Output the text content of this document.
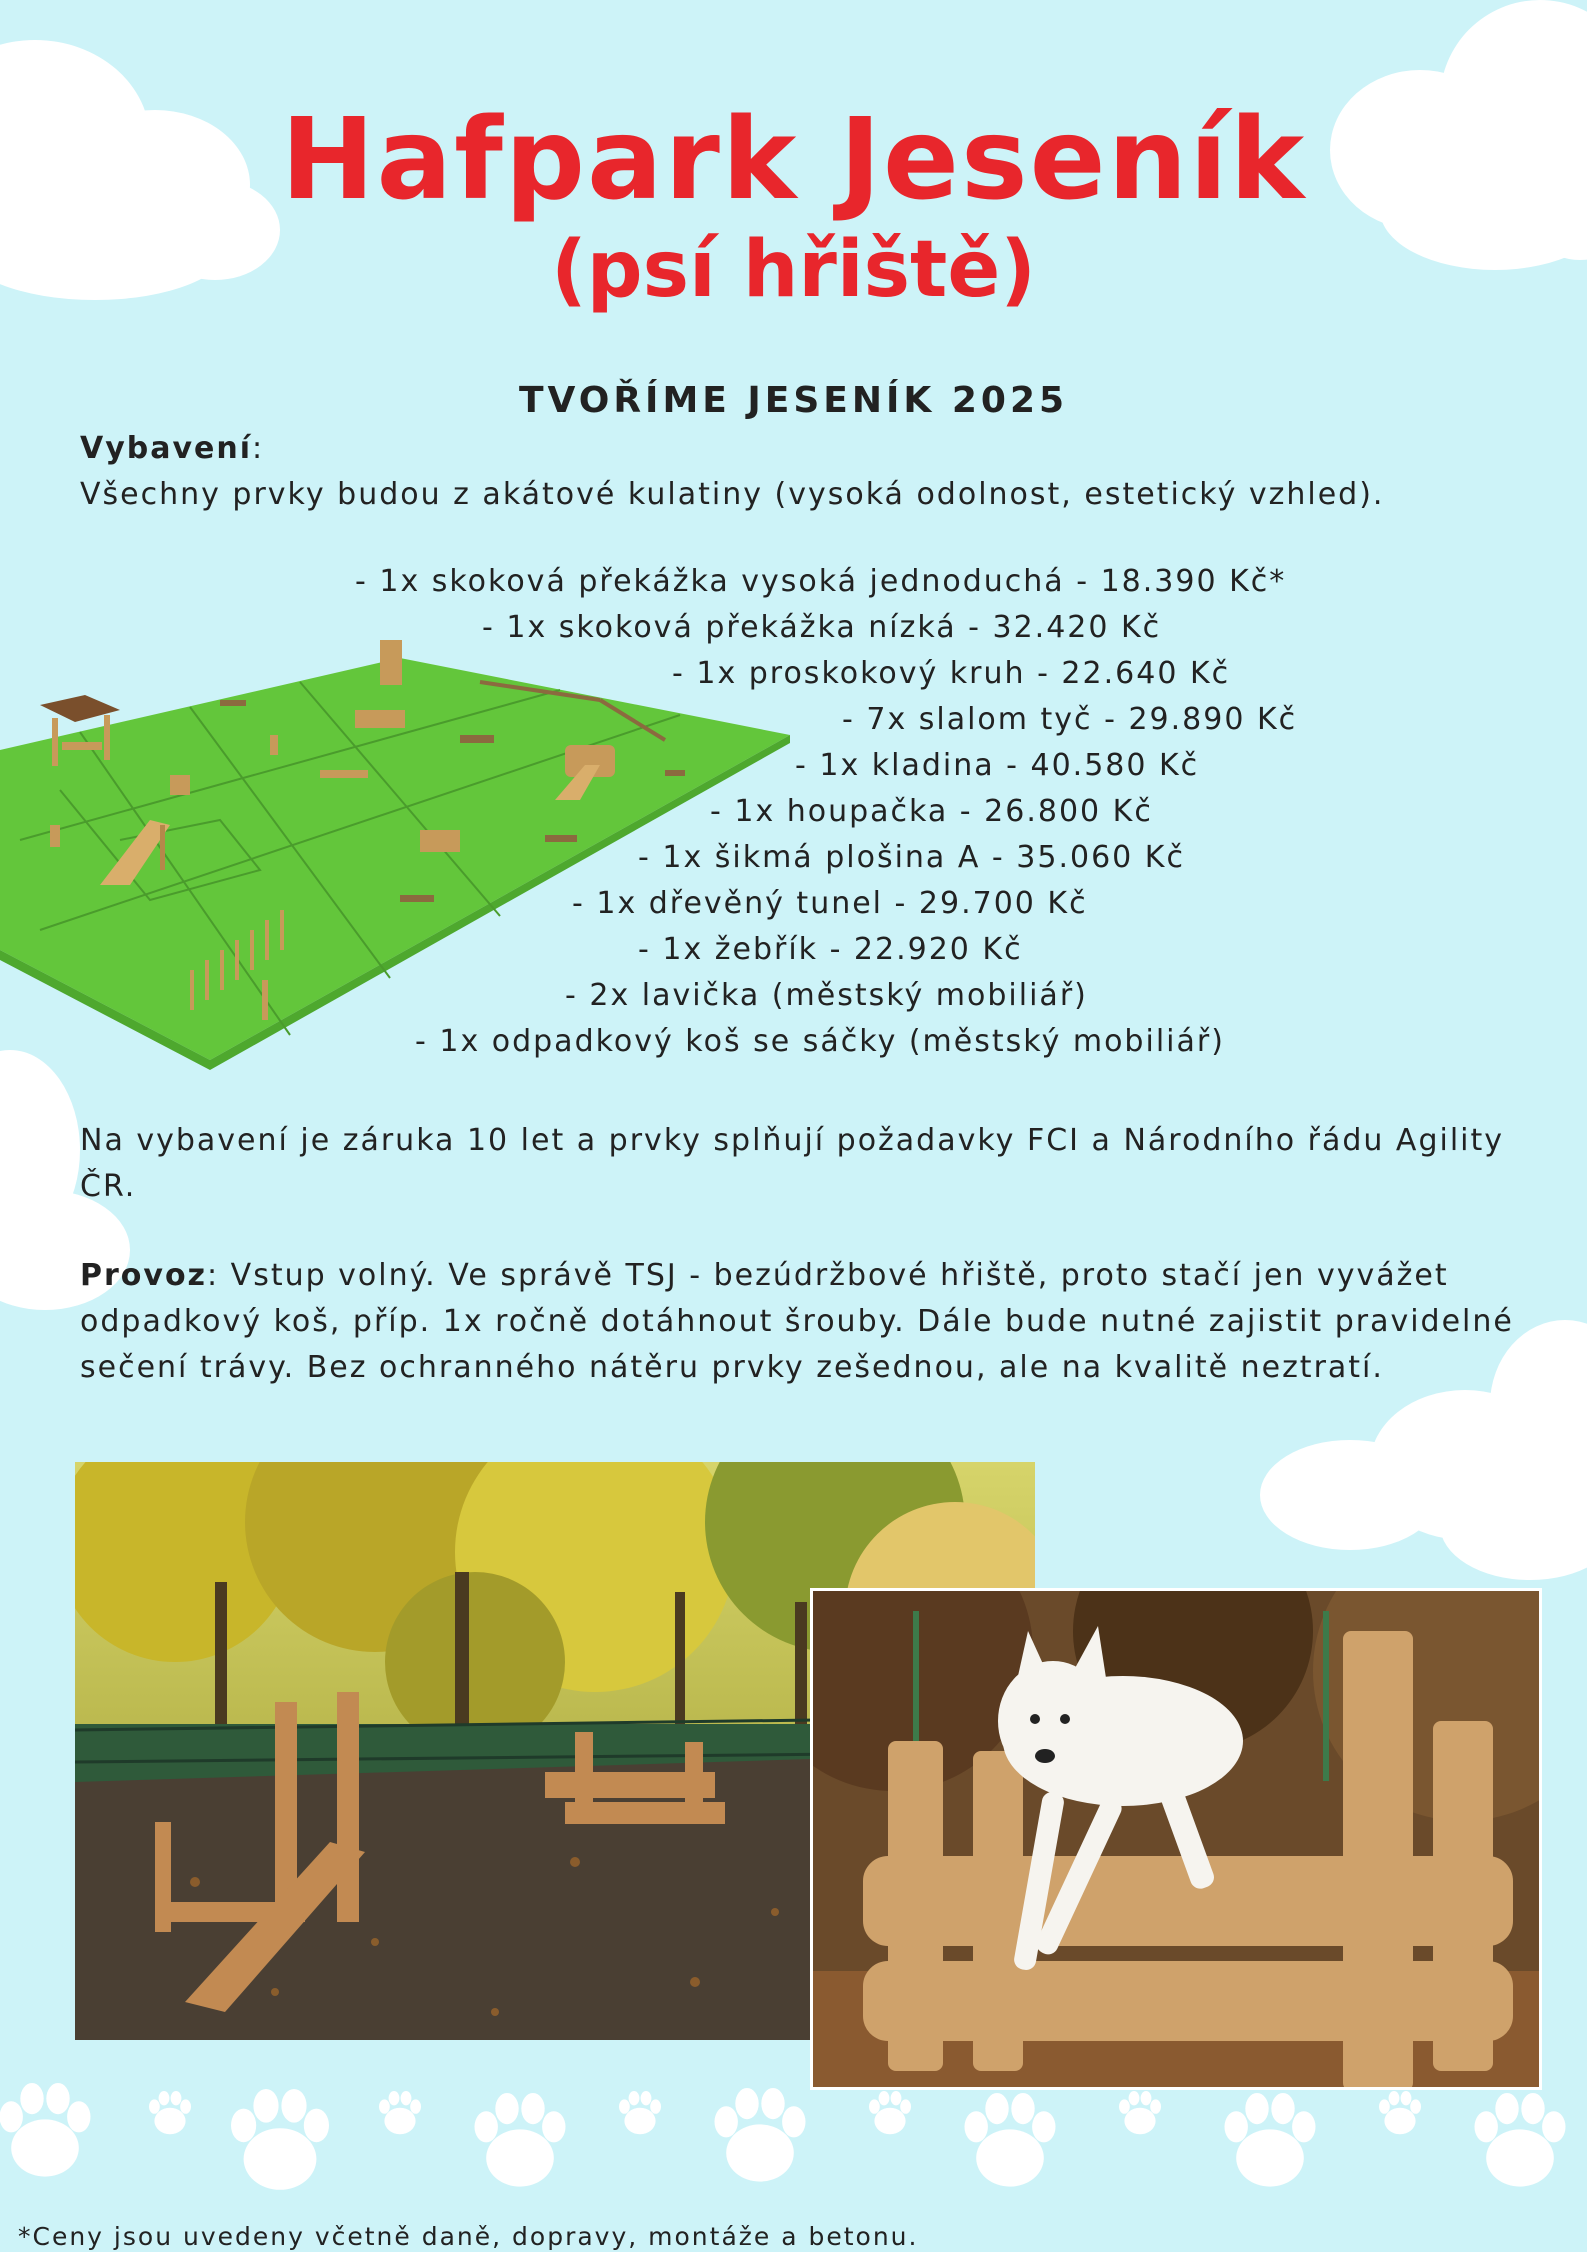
Hafpark Jeseník
(psí hřiště)
TVOŘÍME JESENÍK 2025
Vybavení:
Všechny prvky budou z akátové kulatiny (vysoká odolnost, estetický vzhled).
- 1x skoková překážka vysoká jednoduchá - 18.390 Kč*
- 1x skoková překážka nízká - 32.420 Kč
- 1x proskokový kruh - 22.640 Kč
- 7x slalom tyč - 29.890 Kč
- 1x kladina - 40.580 Kč
- 1x houpačka - 26.800 Kč
- 1x šikmá plošina A - 35.060 Kč
- 1x dřevěný tunel - 29.700 Kč
- 1x žebřík - 22.920 Kč
- 2x lavička (městský mobiliář)
- 1x odpadkový koš se sáčky (městský mobiliář)
Na vybavení je záruka 10 let a prvky splňují požadavky FCI a Národního řádu Agility ČR.
Provoz: Vstup volný. Ve správě TSJ - bezúdržbové hřiště, proto stačí jen vyvážet odpadkový koš, příp. 1x ročně dotáhnout šrouby. Dále bude nutné zajistit pravidelné sečení trávy. Bez ochranného nátěru prvky zešednou, ale na kvalitě neztratí.
*Ceny jsou uvedeny včetně daně, dopravy, montáže a betonu.
